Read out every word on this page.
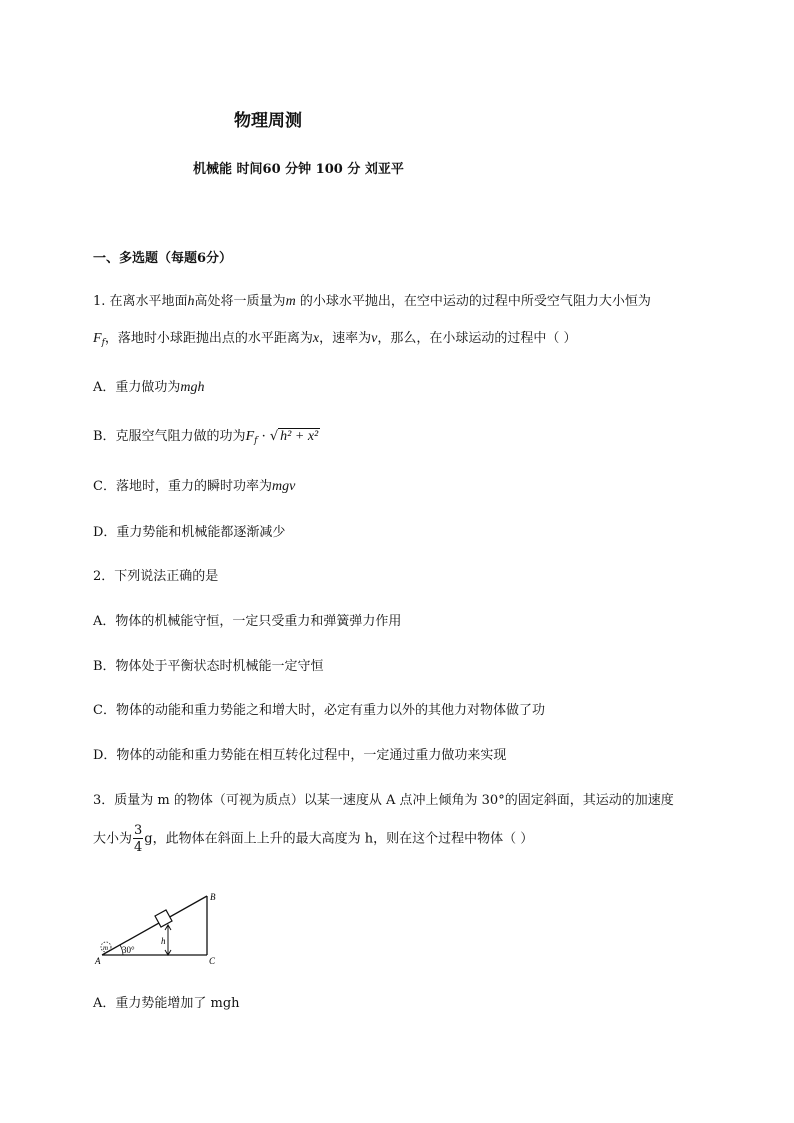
物理周测
机械能 时间60 分钟 100 分 刘亚平
一、多选题（每题6分）
1. 在离水平地面h高处将一质量为m 的小球水平抛出，在空中运动的过程中所受空气阻力大小恒为
$F_f$，落地时小球距抛出点的水平距离为x，速率为v，那么，在小球运动的过程中（ ）
A．重力做功为mgh
B．克服空气阻力做的功为$F_f$ · √ h² + x²
C．落地时，重力的瞬时功率为mgv
D．重力势能和机械能都逐渐减少
2．下列说法正确的是
A．物体的机械能守恒，一定只受重力和弹簧弹力作用
B．物体处于平衡状态时机械能一定守恒
C．物体的动能和重力势能之和增大时，必定有重力以外的其他力对物体做了功
D．物体的动能和重力势能在相互转化过程中，一定通过重力做功来实现
3．质量为 m 的物体（可视为质点）以某一速度从 A 点冲上倾角为 30°的固定斜面，其运动的加速度
大小为 $\frac{3}{4}$ g，此物体在斜面上上升的最大高度为 h，则在这个过程中物体（ ）
A
B
C
h
m 30°
A．重力势能增加了 mgh
